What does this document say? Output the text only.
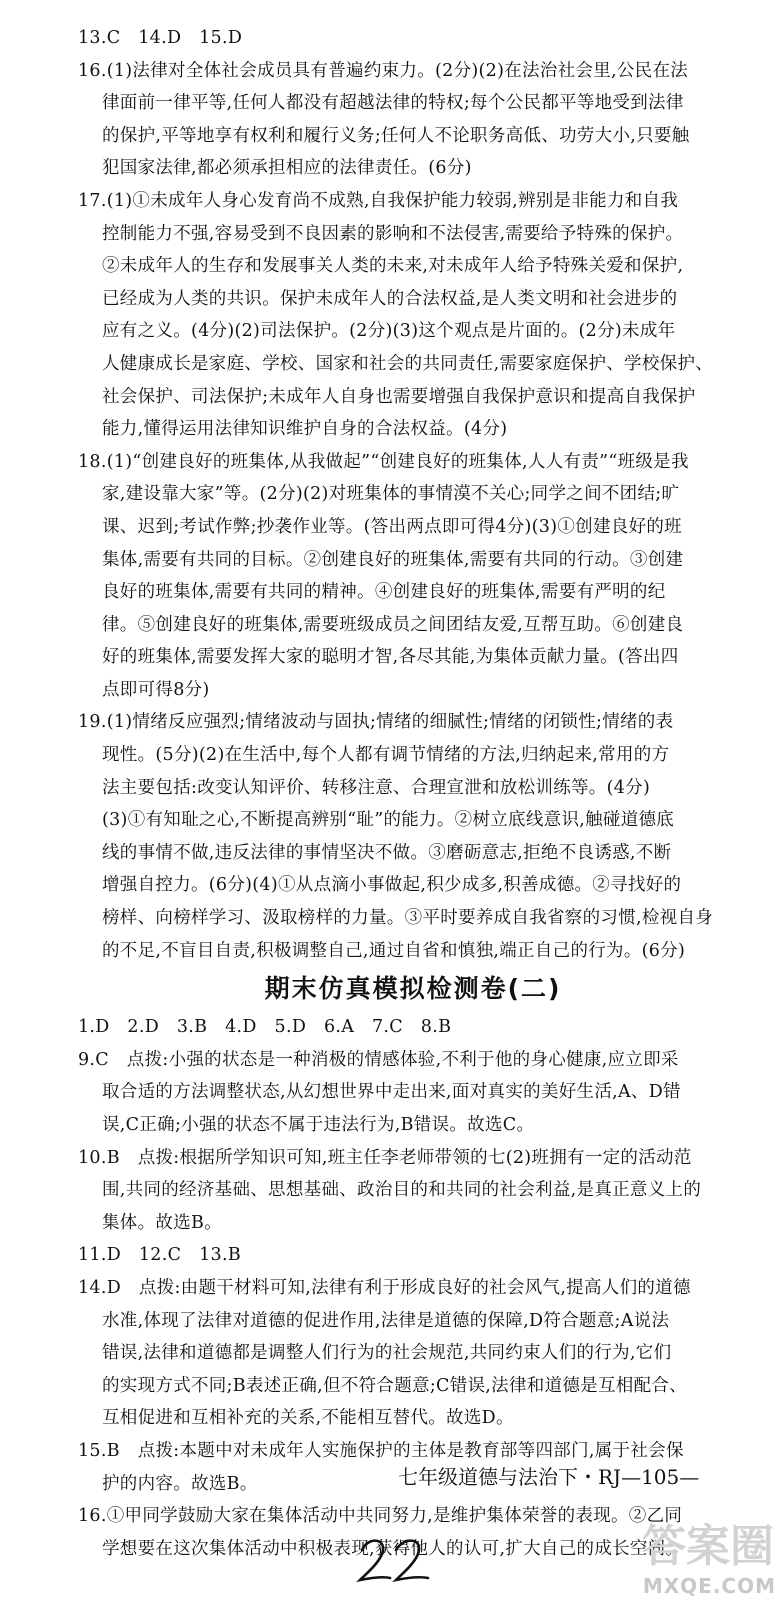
13.C　14.D　15.D
16.(1)法律对全体社会成员具有普遍约束力。(2分)(2)在法治社会里,公民在法
律面前一律平等,任何人都没有超越法律的特权;每个公民都平等地受到法律
的保护,平等地享有权利和履行义务;任何人不论职务高低、功劳大小,只要触
犯国家法律,都必须承担相应的法律责任。(6分)
17.(1)①未成年人身心发育尚不成熟,自我保护能力较弱,辨别是非能力和自我
控制能力不强,容易受到不良因素的影响和不法侵害,需要给予特殊的保护。
②未成年人的生存和发展事关人类的未来,对未成年人给予特殊关爱和保护,
已经成为人类的共识。保护未成年人的合法权益,是人类文明和社会进步的
应有之义。(4分)(2)司法保护。(2分)(3)这个观点是片面的。(2分)未成年
人健康成长是家庭、学校、国家和社会的共同责任,需要家庭保护、学校保护、
社会保护、司法保护;未成年人自身也需要增强自我保护意识和提高自我保护
能力,懂得运用法律知识维护自身的合法权益。(4分)
18.(1)“创建良好的班集体,从我做起”“创建良好的班集体,人人有责”“班级是我
家,建设靠大家”等。(2分)(2)对班集体的事情漠不关心;同学之间不团结;旷
课、迟到;考试作弊;抄袭作业等。(答出两点即可得4分)(3)①创建良好的班
集体,需要有共同的目标。②创建良好的班集体,需要有共同的行动。③创建
良好的班集体,需要有共同的精神。④创建良好的班集体,需要有严明的纪
律。⑤创建良好的班集体,需要班级成员之间团结友爱,互帮互助。⑥创建良
好的班集体,需要发挥大家的聪明才智,各尽其能,为集体贡献力量。(答出四
点即可得8分)
19.(1)情绪反应强烈;情绪波动与固执;情绪的细腻性;情绪的闭锁性;情绪的表
现性。(5分)(2)在生活中,每个人都有调节情绪的方法,归纳起来,常用的方
法主要包括:改变认知评价、转移注意、合理宣泄和放松训练等。(4分)
(3)①有知耻之心,不断提高辨别“耻”的能力。②树立底线意识,触碰道德底
线的事情不做,违反法律的事情坚决不做。③磨砺意志,拒绝不良诱惑,不断
增强自控力。(6分)(4)①从点滴小事做起,积少成多,积善成德。②寻找好的
榜样、向榜样学习、汲取榜样的力量。③平时要养成自我省察的习惯,检视自身
的不足,不盲目自责,积极调整自己,通过自省和慎独,端正自己的行为。(6分)
期末仿真模拟检测卷(二)
1.D　2.D　3.B　4.D　5.D　6.A　7.C　8.B
9.C　点拨:小强的状态是一种消极的情感体验,不利于他的身心健康,应立即采
取合适的方法调整状态,从幻想世界中走出来,面对真实的美好生活,A、D错
误,C正确;小强的状态不属于违法行为,B错误。故选C。
10.B　点拨:根据所学知识可知,班主任李老师带领的七(2)班拥有一定的活动范
围,共同的经济基础、思想基础、政治目的和共同的社会利益,是真正意义上的
集体。故选B。
11.D　12.C　13.B
14.D　点拨:由题干材料可知,法律有利于形成良好的社会风气,提高人们的道德
水准,体现了法律对道德的促进作用,法律是道德的保障,D符合题意;A说法
错误,法律和道德都是调整人们行为的社会规范,共同约束人们的行为,它们
的实现方式不同;B表述正确,但不符合题意;C错误,法律和道德是互相配合、
互相促进和互相补充的关系,不能相互替代。故选D。
15.B　点拨:本题中对未成年人实施保护的主体是教育部等四部门,属于社会保
护的内容。故选B。
16.①甲同学鼓励大家在集体活动中共同努力,是维护集体荣誉的表现。②乙同
学想要在这次集体活动中积极表现,获得他人的认可,扩大自己的成长空间。
七年级道德与法治下・RJ—105—
答案圈
MXQE.COM
